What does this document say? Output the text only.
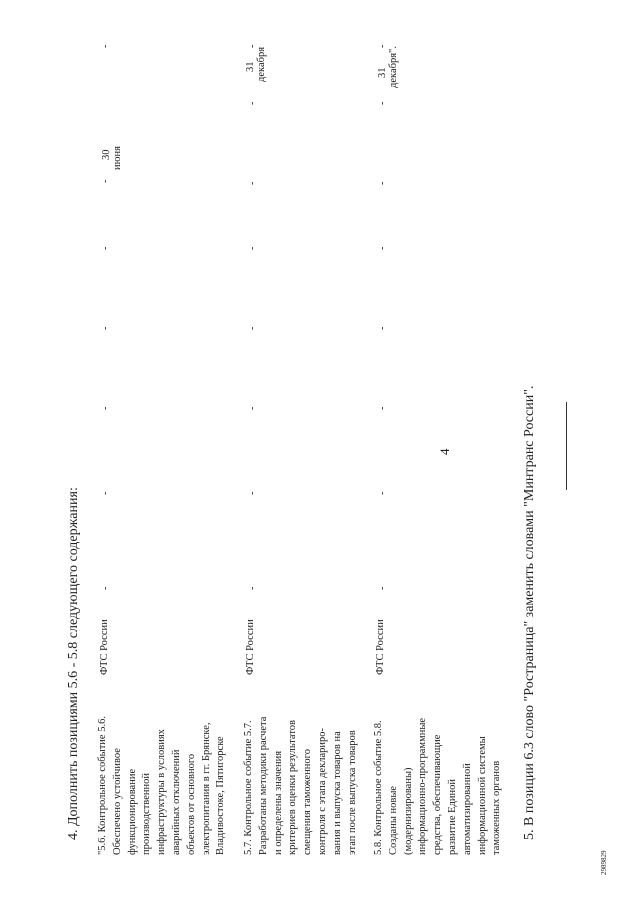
4
4. Дополнить позициями 5.6 - 5.8 следующего содержания: "5.6. Контрольное событие 5.6. Обеспечено устойчивое функционирование производственной инфраструктуры в условиях аварийных отключений объектов от основного электропитания в гг. Брянске, Владивостоке, Пятигорске
ФТС России
-
-
-
-
-
-
-
30 июня
5.7. Контрольное событие 5.7. Разработаны методики расчета и определены значения критериев оценки результатов смещения таможенного контроля с этапа деклариро- вания и выпуска товаров на этап после выпуска товаров
ФТС России
-
-
-
-
-
-
-
-
31 декабря
5.8. Контрольное событие 5.8. Созданы новые (модернизированы) информационно-программные средства, обеспечивающие развитие Единой автоматизированной информационной системы таможенных органов
ФТС России
-
-
-
-
-
-
-
-
31 декабря".
5. В позиции 6.3 слово "Ространица" заменить словами "Минтранс России".
2989829
